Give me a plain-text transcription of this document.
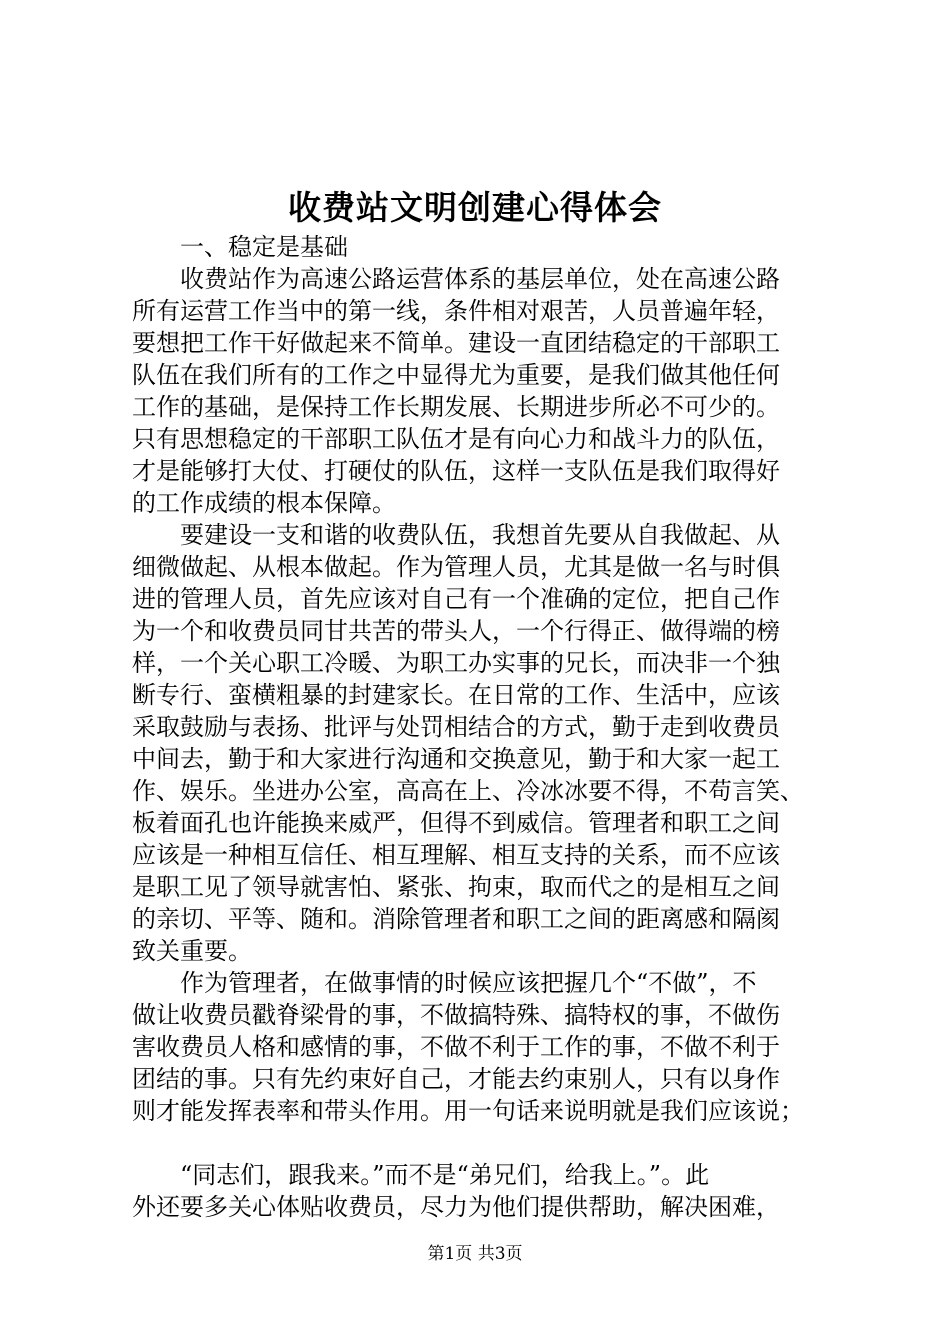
收费站文明创建心得体会
一、稳定是基础
收费站作为高速公路运营体系的基层单位，处在高速公路
所有运营工作当中的第一线，条件相对艰苦，人员普遍年轻，
要想把工作干好做起来不简单。建设一直团结稳定的干部职工
队伍在我们所有的工作之中显得尤为重要，是我们做其他任何
工作的基础，是保持工作长期发展、长期进步所必不可少的。
只有思想稳定的干部职工队伍才是有向心力和战斗力的队伍，
才是能够打大仗、打硬仗的队伍，这样一支队伍是我们取得好
的工作成绩的根本保障。
要建设一支和谐的收费队伍，我想首先要从自我做起、从
细微做起、从根本做起。作为管理人员，尤其是做一名与时俱
进的管理人员，首先应该对自己有一个准确的定位，把自己作
为一个和收费员同甘共苦的带头人，一个行得正、做得端的榜
样，一个关心职工冷暖、为职工办实事的兄长，而决非一个独
断专行、蛮横粗暴的封建家长。在日常的工作、生活中，应该
采取鼓励与表扬、批评与处罚相结合的方式，勤于走到收费员
中间去，勤于和大家进行沟通和交换意见，勤于和大家一起工
作、娱乐。坐进办公室，高高在上、冷冰冰要不得，不苟言笑、
板着面孔也许能换来威严，但得不到威信。管理者和职工之间
应该是一种相互信任、相互理解、相互支持的关系，而不应该
是职工见了领导就害怕、紧张、拘束，取而代之的是相互之间
的亲切、平等、随和。消除管理者和职工之间的距离感和隔阂
致关重要。
作为管理者，在做事情的时候应该把握几个“不做”，不
做让收费员戳脊梁骨的事，不做搞特殊、搞特权的事，不做伤
害收费员人格和感情的事，不做不利于工作的事，不做不利于
团结的事。只有先约束好自己，才能去约束别人，只有以身作
则才能发挥表率和带头作用。用一句话来说明就是我们应该说；
“同志们，跟我来。”而不是“弟兄们，给我上。”。此
外还要多关心体贴收费员，尽力为他们提供帮助，解决困难，
第1页 共3页
